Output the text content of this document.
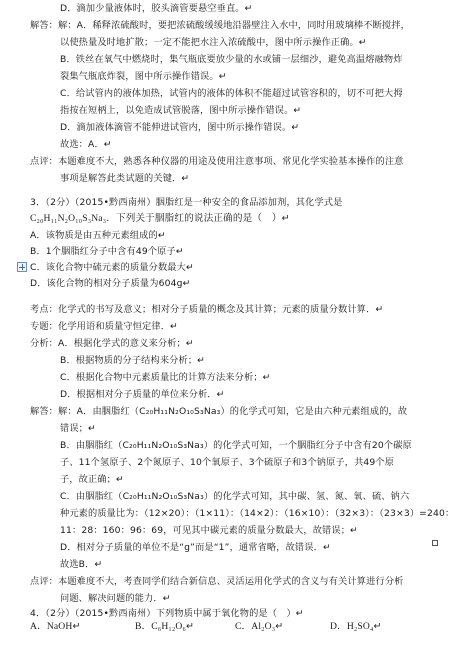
D．滴加少量液体时，胶头滴管要悬空垂直。↵
解答：解：A．稀释浓硫酸时，要把浓硫酸缓缓地沿器壁注入水中，同时用玻璃棒不断搅拌，
以使热量及时地扩散；一定不能把水注入浓硫酸中，图中所示操作正确。↵
B．铁丝在氧气中燃烧时，集气瓶底要放少量的水或铺一层细沙，避免高温熔融物炸
裂集气瓶底炸裂，图中所示操作错误。↵
C．给试管内的液体加热，试管内的液体的体积不能超过试管容积的，切不可把大拇
指按在短柄上，以免造成试管脱落，图中所示操作错误。↵
D．滴加液体滴管不能伸进试管内，图中所示操作错误。↵
故选：A．↵
点评：本题难度不大，熟悉各种仪器的用途及使用注意事项、常见化学实验基本操作的注意
事项是解答此类试题的关键．↵
3．（2分）（2015•黔西南州）胭脂红是一种安全的食品添加剂，其化学式是
C₂₀H₁₁N₂O₁₀S₃Na₃．下列关于胭脂红的说法正确的是（　）↵
A．该物质是由五种元素组成的↵
B．1个胭脂红分子中含有49个原子↵
C．该化合物中硫元素的质量分数最大↵
D．该化合物的相对分子质量为604g↵
考点：化学式的书写及意义；相对分子质量的概念及其计算；元素的质量分数计算．↵
专题：化学用语和质量守恒定律．↵
分析：A．根据化学式的意义来分析；↵
B．根据物质的分子结构来分析；↵
C．根据化合物中元素质量比的计算方法来分析；↵
D．根据相对分子质量的单位来分析．↵
解答：解：A．由胭脂红（C₂₀H₁₁N₂O₁₀S₃Na₃）的化学式可知，它是由六种元素组成的，故
错误；↵
B．由胭脂红（C₂₀H₁₁N₂O₁₀S₃Na₃）的化学式可知，一个胭脂红分子中含有20个碳原
子、11个氢原子、2个氮原子、10个氧原子、3个硫原子和3个钠原子，共49个原
子，故正确；↵
C．由胭脂红（C₂₀H₁₁N₂O₁₀S₃Na₃）的化学式可知，其中碳、氢、氮、氧、硫、钠六
种元素的质量比为：（12×20）：（1×11）：（14×2）：（16×10）：（32×3）：（23×3）=240：
11：28：160：96：69，可见其中碳元素的质量分数最大，故错误；↵
D．相对分子质量的单位不是“g”而是“1”，通常省略，故错误．↵
故选B．↵
点评：本题难度不大，考查同学们结合新信息、灵活运用化学式的含义与有关计算进行分析
问题、解决问题的能力．↵
4．（2分）（2015•黔西南州）下列物质中属于氧化物的是（　）↵
A．NaOH↵	B．C₆H₁₂O₆↵	C．Al₂O₃↵	D．H₂SO₄↵
